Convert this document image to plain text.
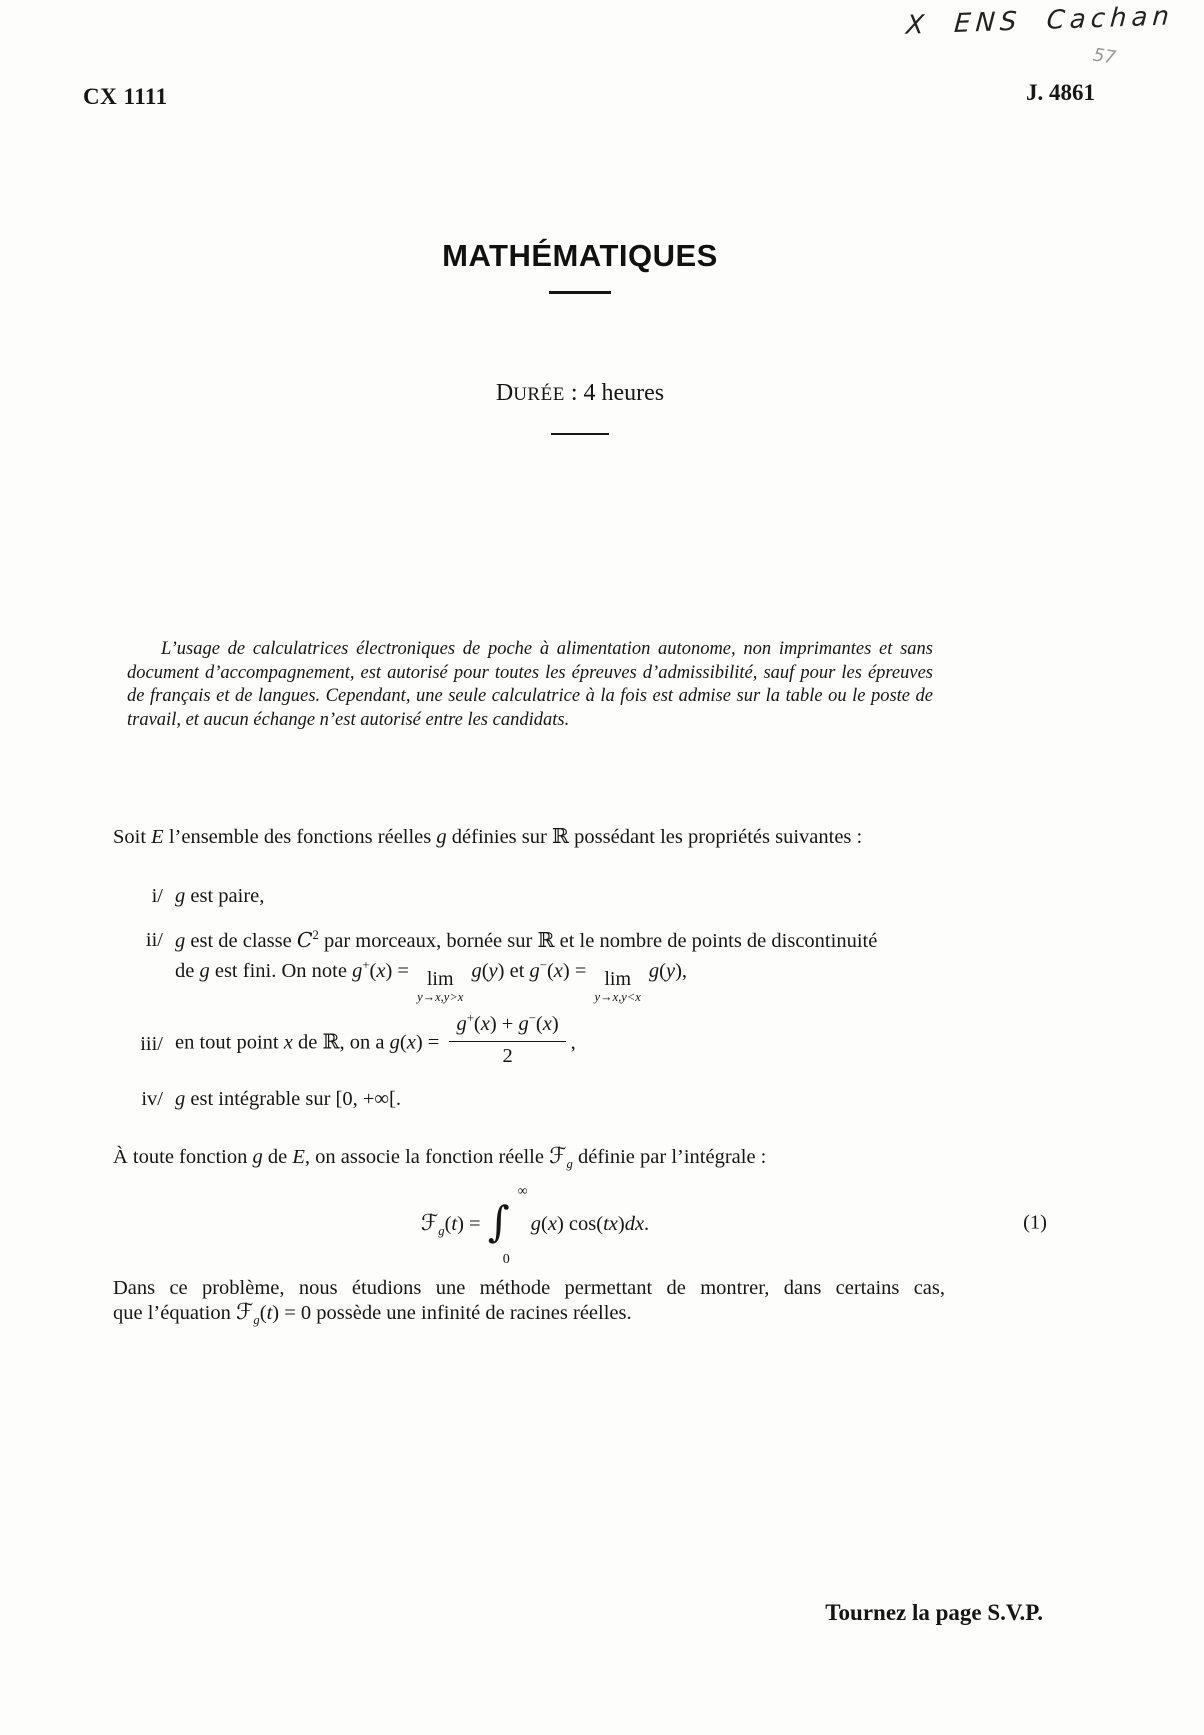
X ENS Cachan
57
CX 1111	J. 4861
MATHÉMATIQUES
DURÉE : 4 heures

L’usage de calculatrices électroniques de poche à alimentation autonome, non imprimantes et sans document d’accompagnement, est autorisé pour toutes les épreuves d’admissibilité, sauf pour les épreuves de français et de langues. Cependant, une seule calculatrice à la fois est admise sur la table ou le poste de travail, et aucun échange n’est autorisé entre les candidats.

Soit E l’ensemble des fonctions réelles g définies sur ℝ possédant les propriétés suivantes :

i/ g est paire,
ii/ g est de classe $C^2$ par morceaux, bornée sur ℝ et le nombre de points de discontinuité
de g est fini. On note g+(x) = lim
y→x,y>x
g(y) et g−(x) = lim
y→x,y<x
g(y),
iii/ en tout point x de ℝ, on a $g(x) = \frac{g^+(x) + g^-(x)}{2}$ ,
iv/ g est intégrable sur [0, +∞[.

À toute fonction g de E, on associe la fonction réelle ℱ$_g$ définie par l’intégrale :

ℱ$_g$(t) = ∫
∞
0
g(x) cos(tx)dx.	(1)

Dans ce problème, nous étudions une méthode permettant de montrer, dans certains cas,
que l’équation ℱ$_g$(t) = 0 possède une infinité de racines réelles.

Tournez la page S.V.P.
